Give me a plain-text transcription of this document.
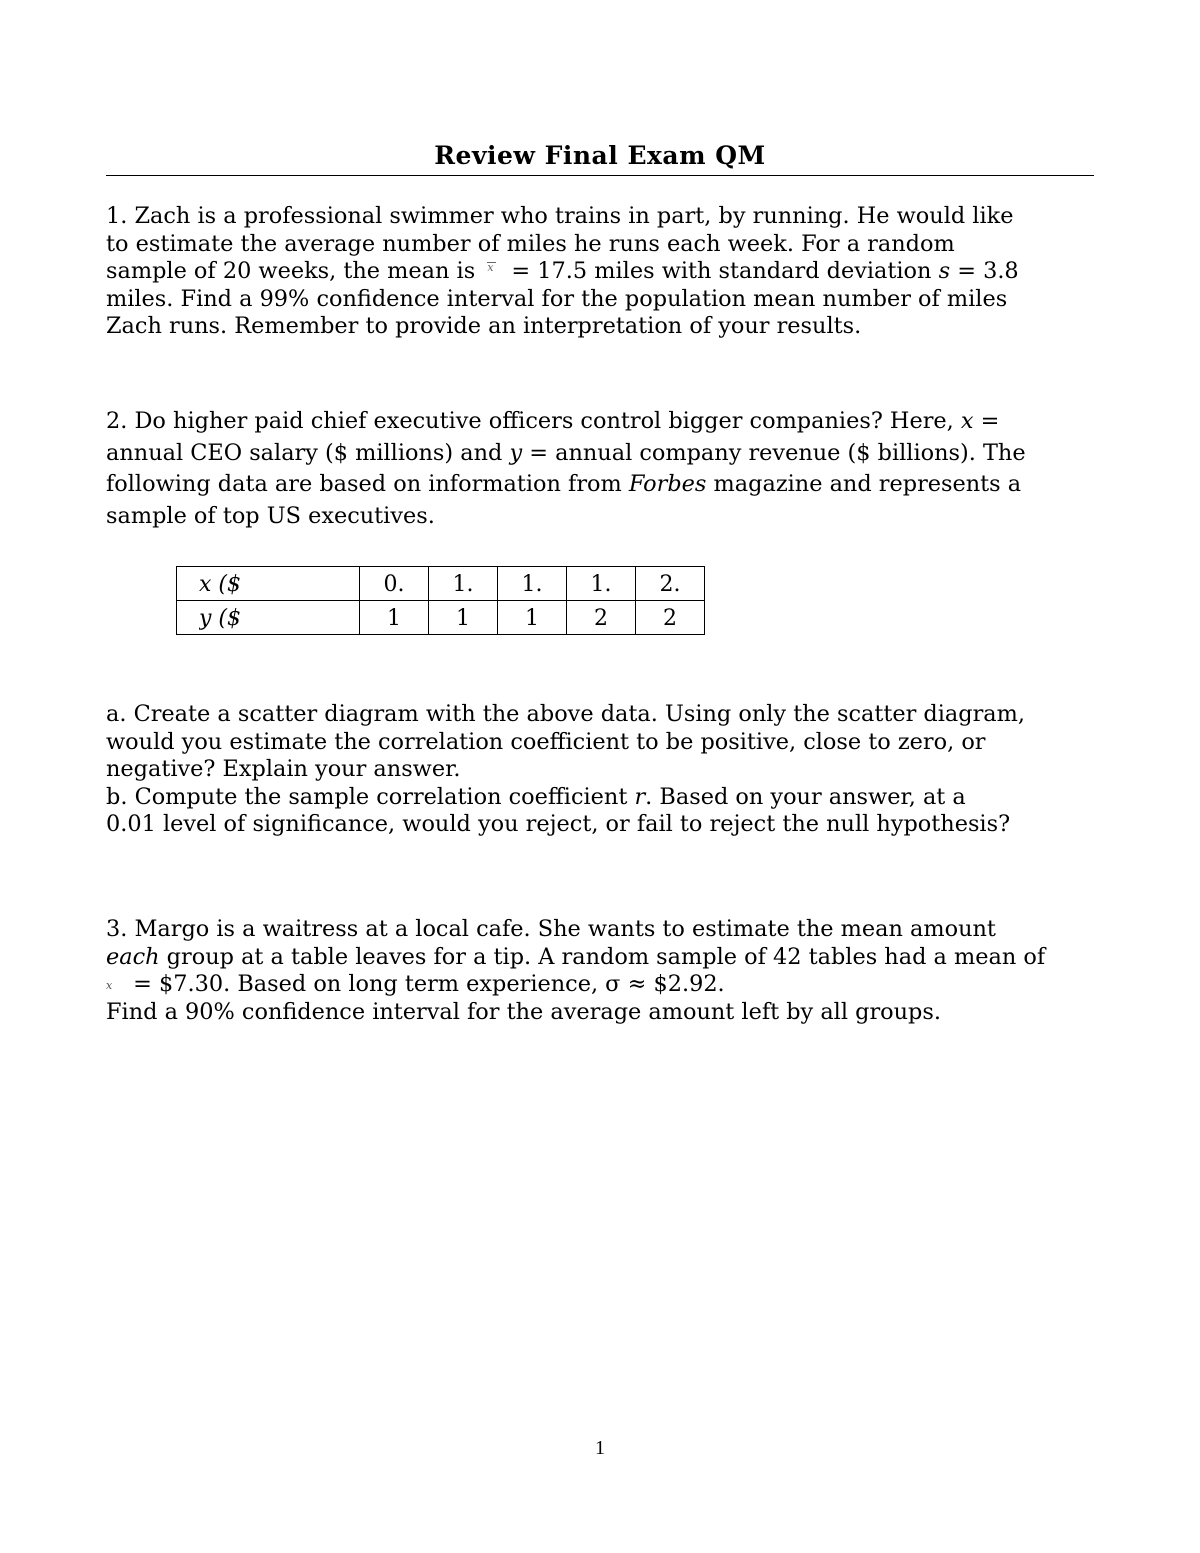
Review Final Exam QM
1. Zach is a professional swimmer who trains in part, by running. He would like
to estimate the average number of miles he runs each week. For a random
sample of 20 weeks, the mean is x = 17.5 miles with standard deviation s = 3.8
miles. Find a 99% confidence interval for the population mean number of miles
Zach runs. Remember to provide an interpretation of your results.
2. Do higher paid chief executive officers control bigger companies? Here, x =
annual CEO salary ($ millions) and y = annual company revenue ($ billions). The
following data are based on information from Forbes magazine and represents a
sample of top US executives.
x ($	0.	1.	1.	1.	2.

y ($	1	1	1	2	2
a. Create a scatter diagram with the above data. Using only the scatter diagram,
would you estimate the correlation coefficient to be positive, close to zero, or
negative? Explain your answer.
b. Compute the sample correlation coefficient r. Based on your answer, at a
0.01 level of significance, would you reject, or fail to reject the null hypothesis?
3. Margo is a waitress at a local cafe. She wants to estimate the mean amount
each group at a table leaves for a tip. A random sample of 42 tables had a mean of
x = $7.30. Based on long term experience, σ ≈ $2.92.
Find a 90% confidence interval for the average amount left by all groups.
1
